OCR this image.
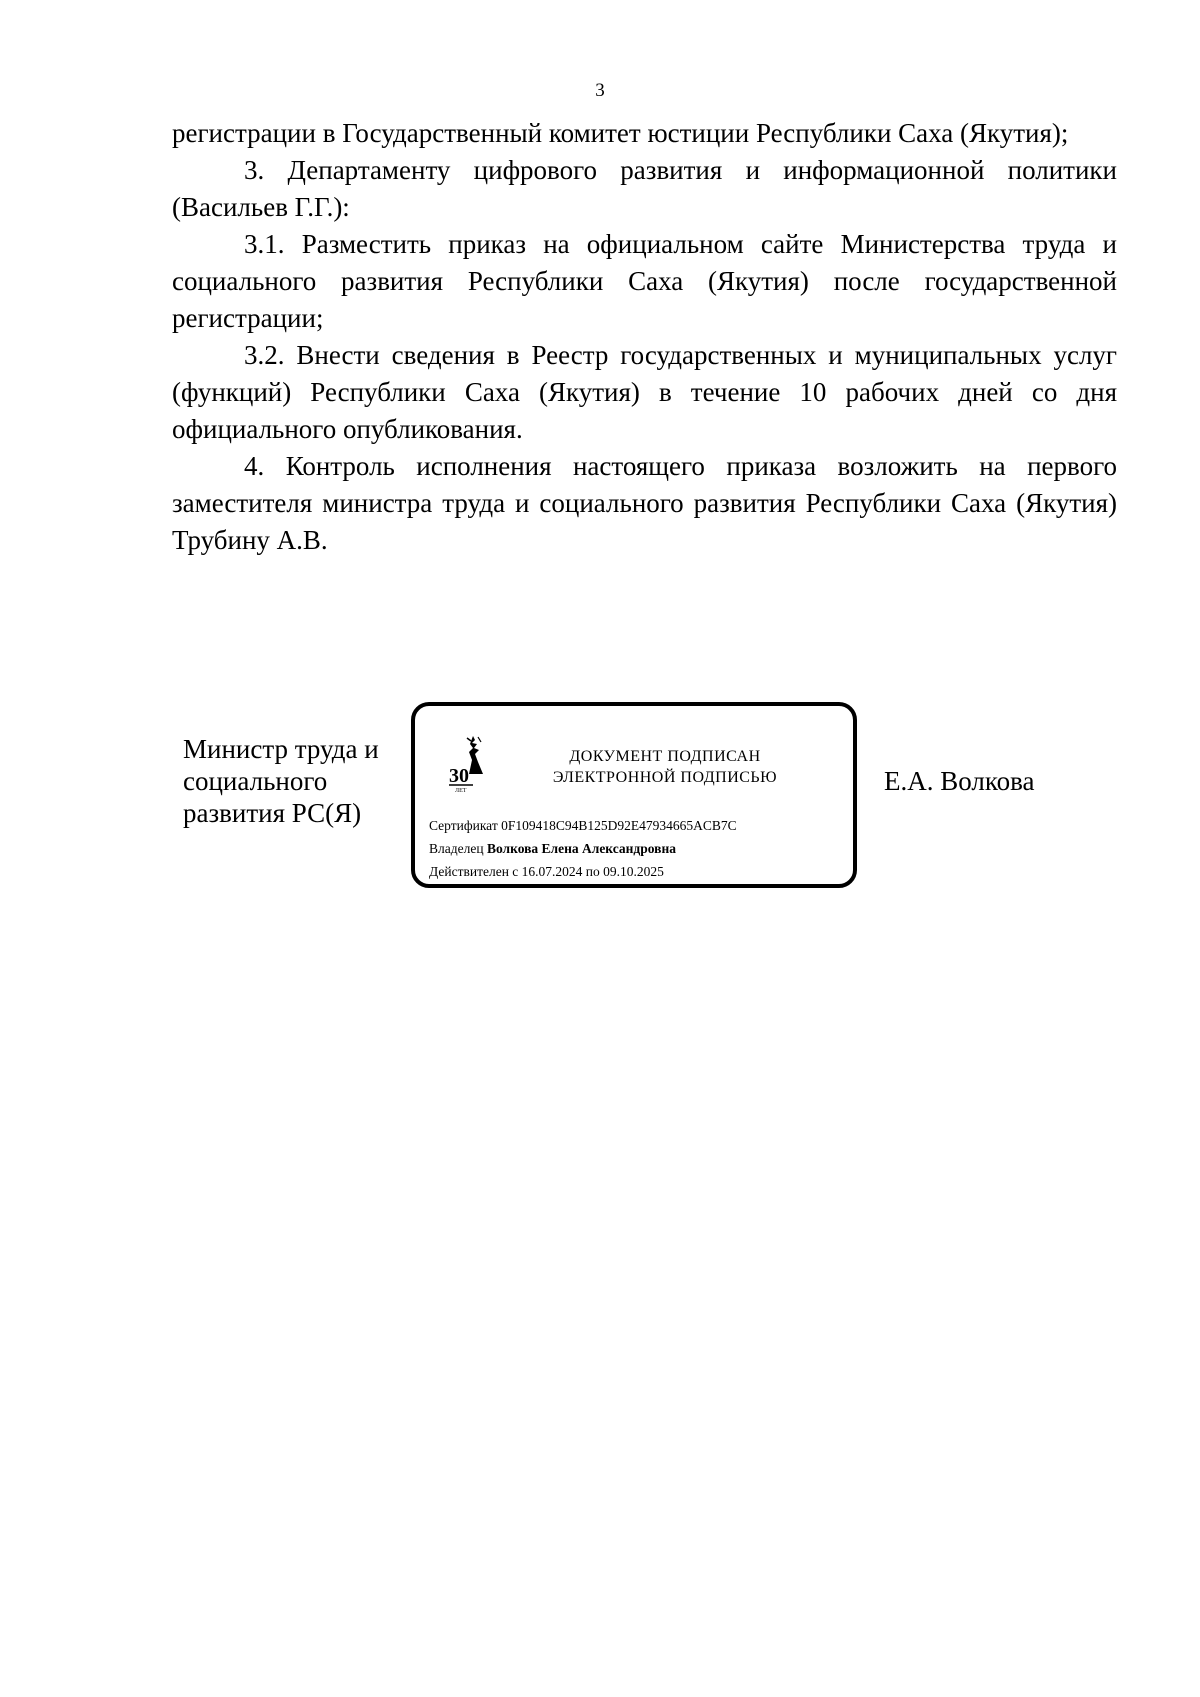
3

регистрации в Государственный комитет юстиции Республики Саха (Якутия);

3. Департаменту цифрового развития и информационной политики (Васильев Г.Г.):

3.1. Разместить приказ на официальном сайте Министерства труда и социального развития Республики Саха (Якутия) после государственной регистрации;

3.2. Внести сведения в Реестр государственных и муниципальных услуг (функций) Республики Саха (Якутия) в течение 10 рабочих дней со дня официального опубликования.

4. Контроль исполнения настоящего приказа возложить на первого заместителя министра труда и социального развития Республики Саха (Якутия) Трубину А.В.

Министр труда и
социального
развития РС(Я)
30
ЛЕТ
ДОКУМЕНТ ПОДПИСАН
ЭЛЕКТРОННОЙ ПОДПИСЬЮ
Сертификат 0F109418C94B125D92E47934665ACB7C
Владелец Волкова Елена Александровна
Действителен с 16.07.2024 по 09.10.2025
Е.А. Волкова
